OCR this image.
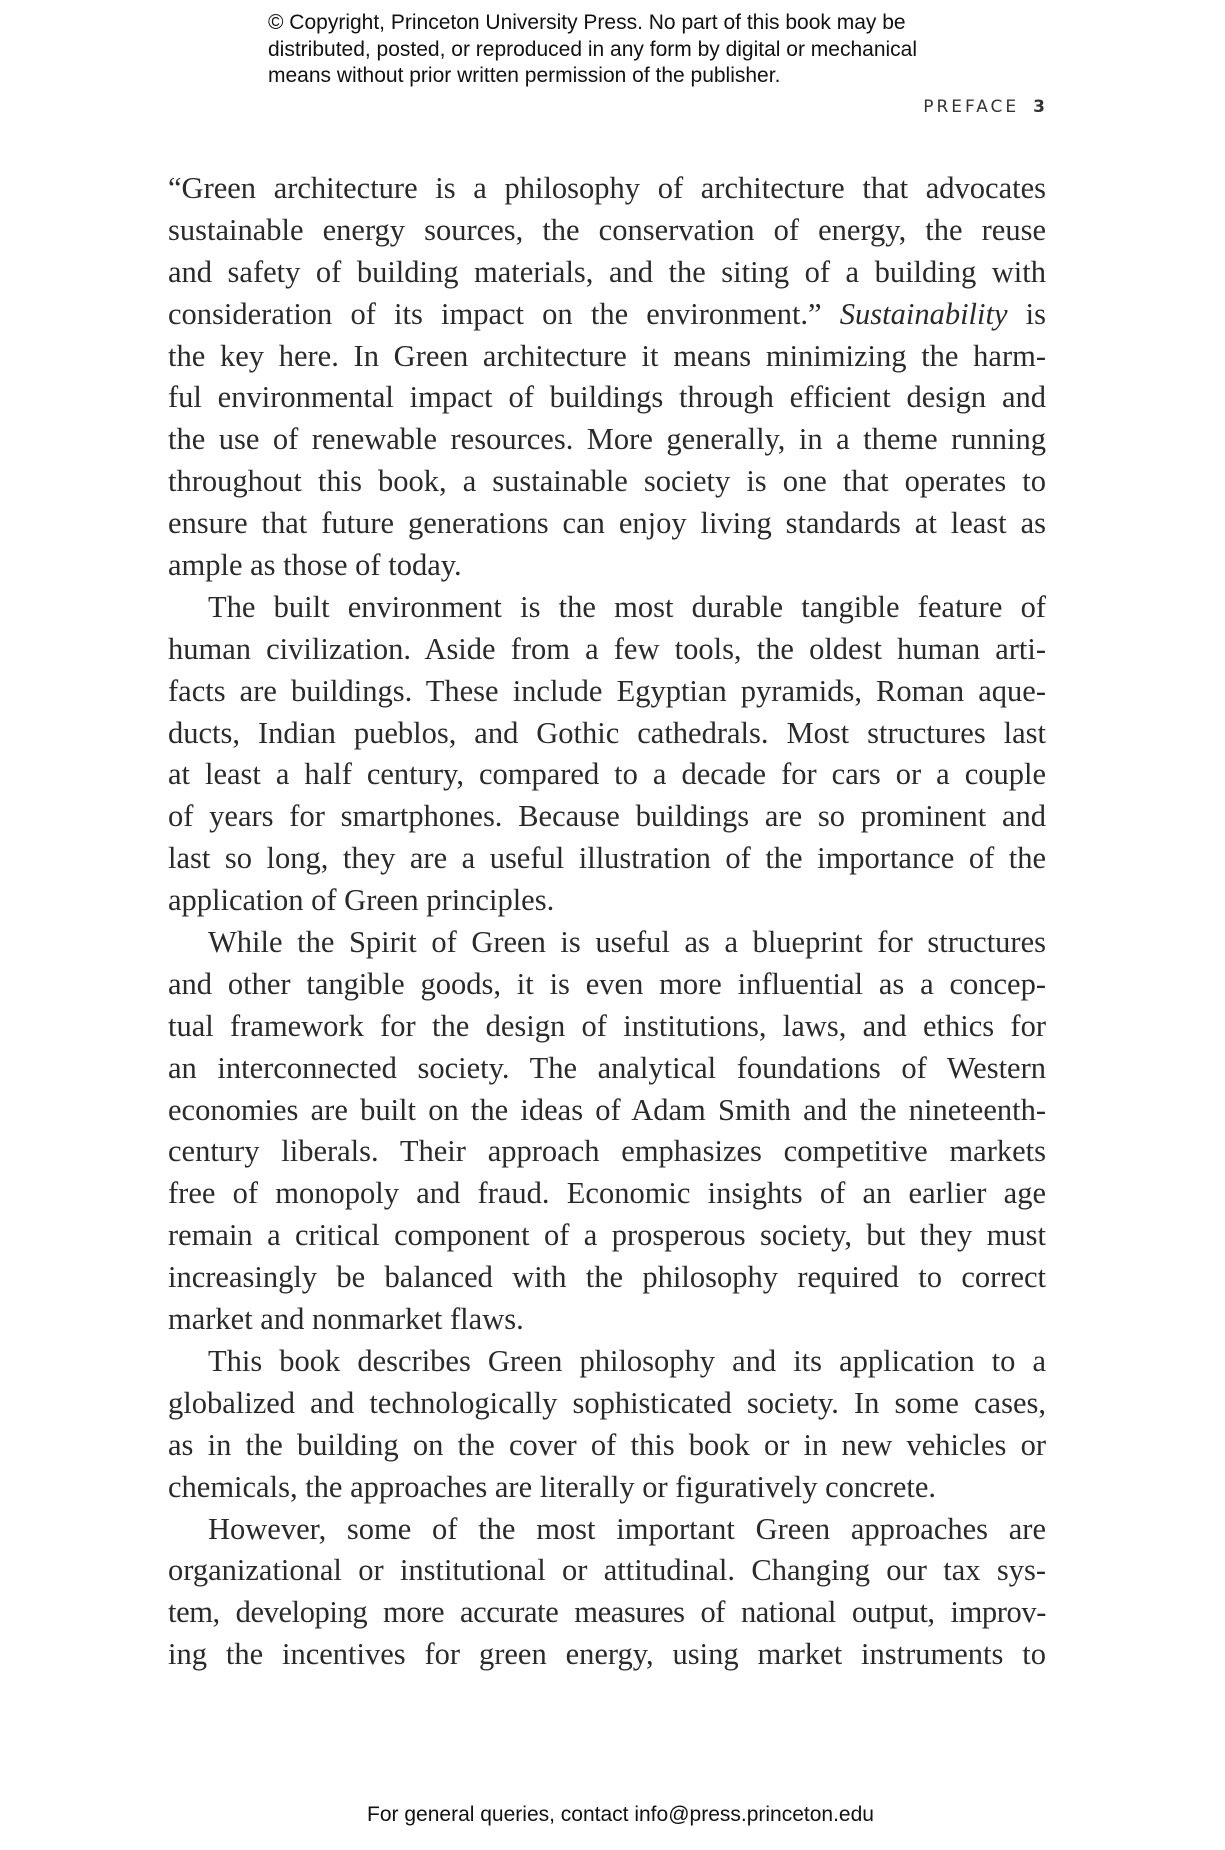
© Copyright, Princeton University Press. No part of this book may be
distributed, posted, or reproduced in any form by digital or mechanical
means without prior written permission of the publisher.
PREFACE 3
“Green architecture is a philosophy of architecture that advocates
sustainable energy sources, the conservation of energy, the reuse
and safety of building materials, and the siting of a building with
consideration of its impact on the environment.” Sustainability is
the key here. In Green architecture it means minimizing the harm-
ful environmental impact of buildings through efficient design and
the use of renewable resources. More generally, in a theme running
throughout this book, a sustainable society is one that operates to
ensure that future generations can enjoy living standards at least as
ample as those of today.
The built environment is the most durable tangible feature of
human civilization. Aside from a few tools, the oldest human arti-
facts are buildings. These include Egyptian pyramids, Roman aque-
ducts, Indian pueblos, and Gothic cathedrals. Most structures last
at least a half century, compared to a decade for cars or a couple
of years for smartphones. Because buildings are so prominent and
last so long, they are a useful illustration of the importance of the
application of Green principles.
While the Spirit of Green is useful as a blueprint for structures
and other tangible goods, it is even more influential as a concep-
tual framework for the design of institutions, laws, and ethics for
an interconnected society. The analytical foundations of Western
economies are built on the ideas of Adam Smith and the nineteenth-
century liberals. Their approach emphasizes competitive markets
free of monopoly and fraud. Economic insights of an earlier age
remain a critical component of a prosperous society, but they must
increasingly be balanced with the philosophy required to correct
market and nonmarket flaws.
This book describes Green philosophy and its application to a
globalized and technologically sophisticated society. In some cases,
as in the building on the cover of this book or in new vehicles or
chemicals, the approaches are literally or figuratively concrete.
However, some of the most important Green approaches are
organizational or institutional or attitudinal. Changing our tax sys-
tem, developing more accurate measures of national output, improv-
ing the incentives for green energy, using market instruments to
For general queries, contact info@press.princeton.edu
